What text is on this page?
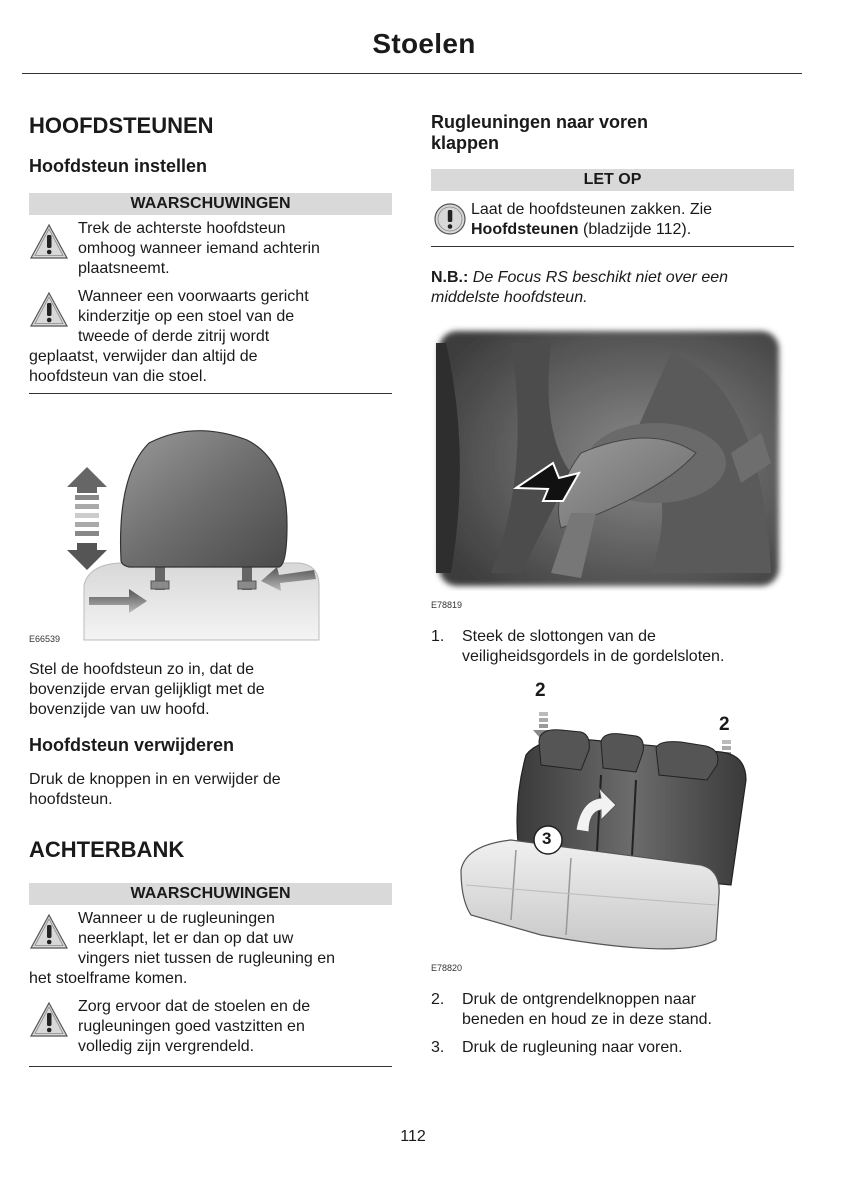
Stoelen
HOOFDSTEUNEN
Hoofdsteun instellen
WAARSCHUWINGEN
Trek de achterste hoofdsteun
omhoog wanneer iemand achterin
plaatsneemt.
Wanneer een voorwaarts gericht
kinderzitje op een stoel van de
tweede of derde zitrij wordt
geplaatst, verwijder dan altijd de
hoofdsteun van die stoel.
E66539
Stel de hoofdsteun zo in, dat de
bovenzijde ervan gelijkligt met de
bovenzijde van uw hoofd.
Hoofdsteun verwijderen
Druk de knoppen in en verwijder de
hoofdsteun.
ACHTERBANK
WAARSCHUWINGEN
Wanneer u de rugleuningen
neerklapt, let er dan op dat uw
vingers niet tussen de rugleuning en
het stoelframe komen.
Zorg ervoor dat de stoelen en de
rugleuningen goed vastzitten en
volledig zijn vergrendeld.
Rugleuningen naar voren
klappen
LET OP
Laat de hoofdsteunen zakken. Zie
Hoofdsteunen (bladzijde 112).
N.B.: De Focus RS beschikt niet over een
middelste hoofdsteun.
E78819
1. Steek de slottongen van de
veiligheidsgordels in de gordelsloten.
2
2
3
E78820
2. Druk de ontgrendelknoppen naar
beneden en houd ze in deze stand.
3. Druk de rugleuning naar voren.
112
